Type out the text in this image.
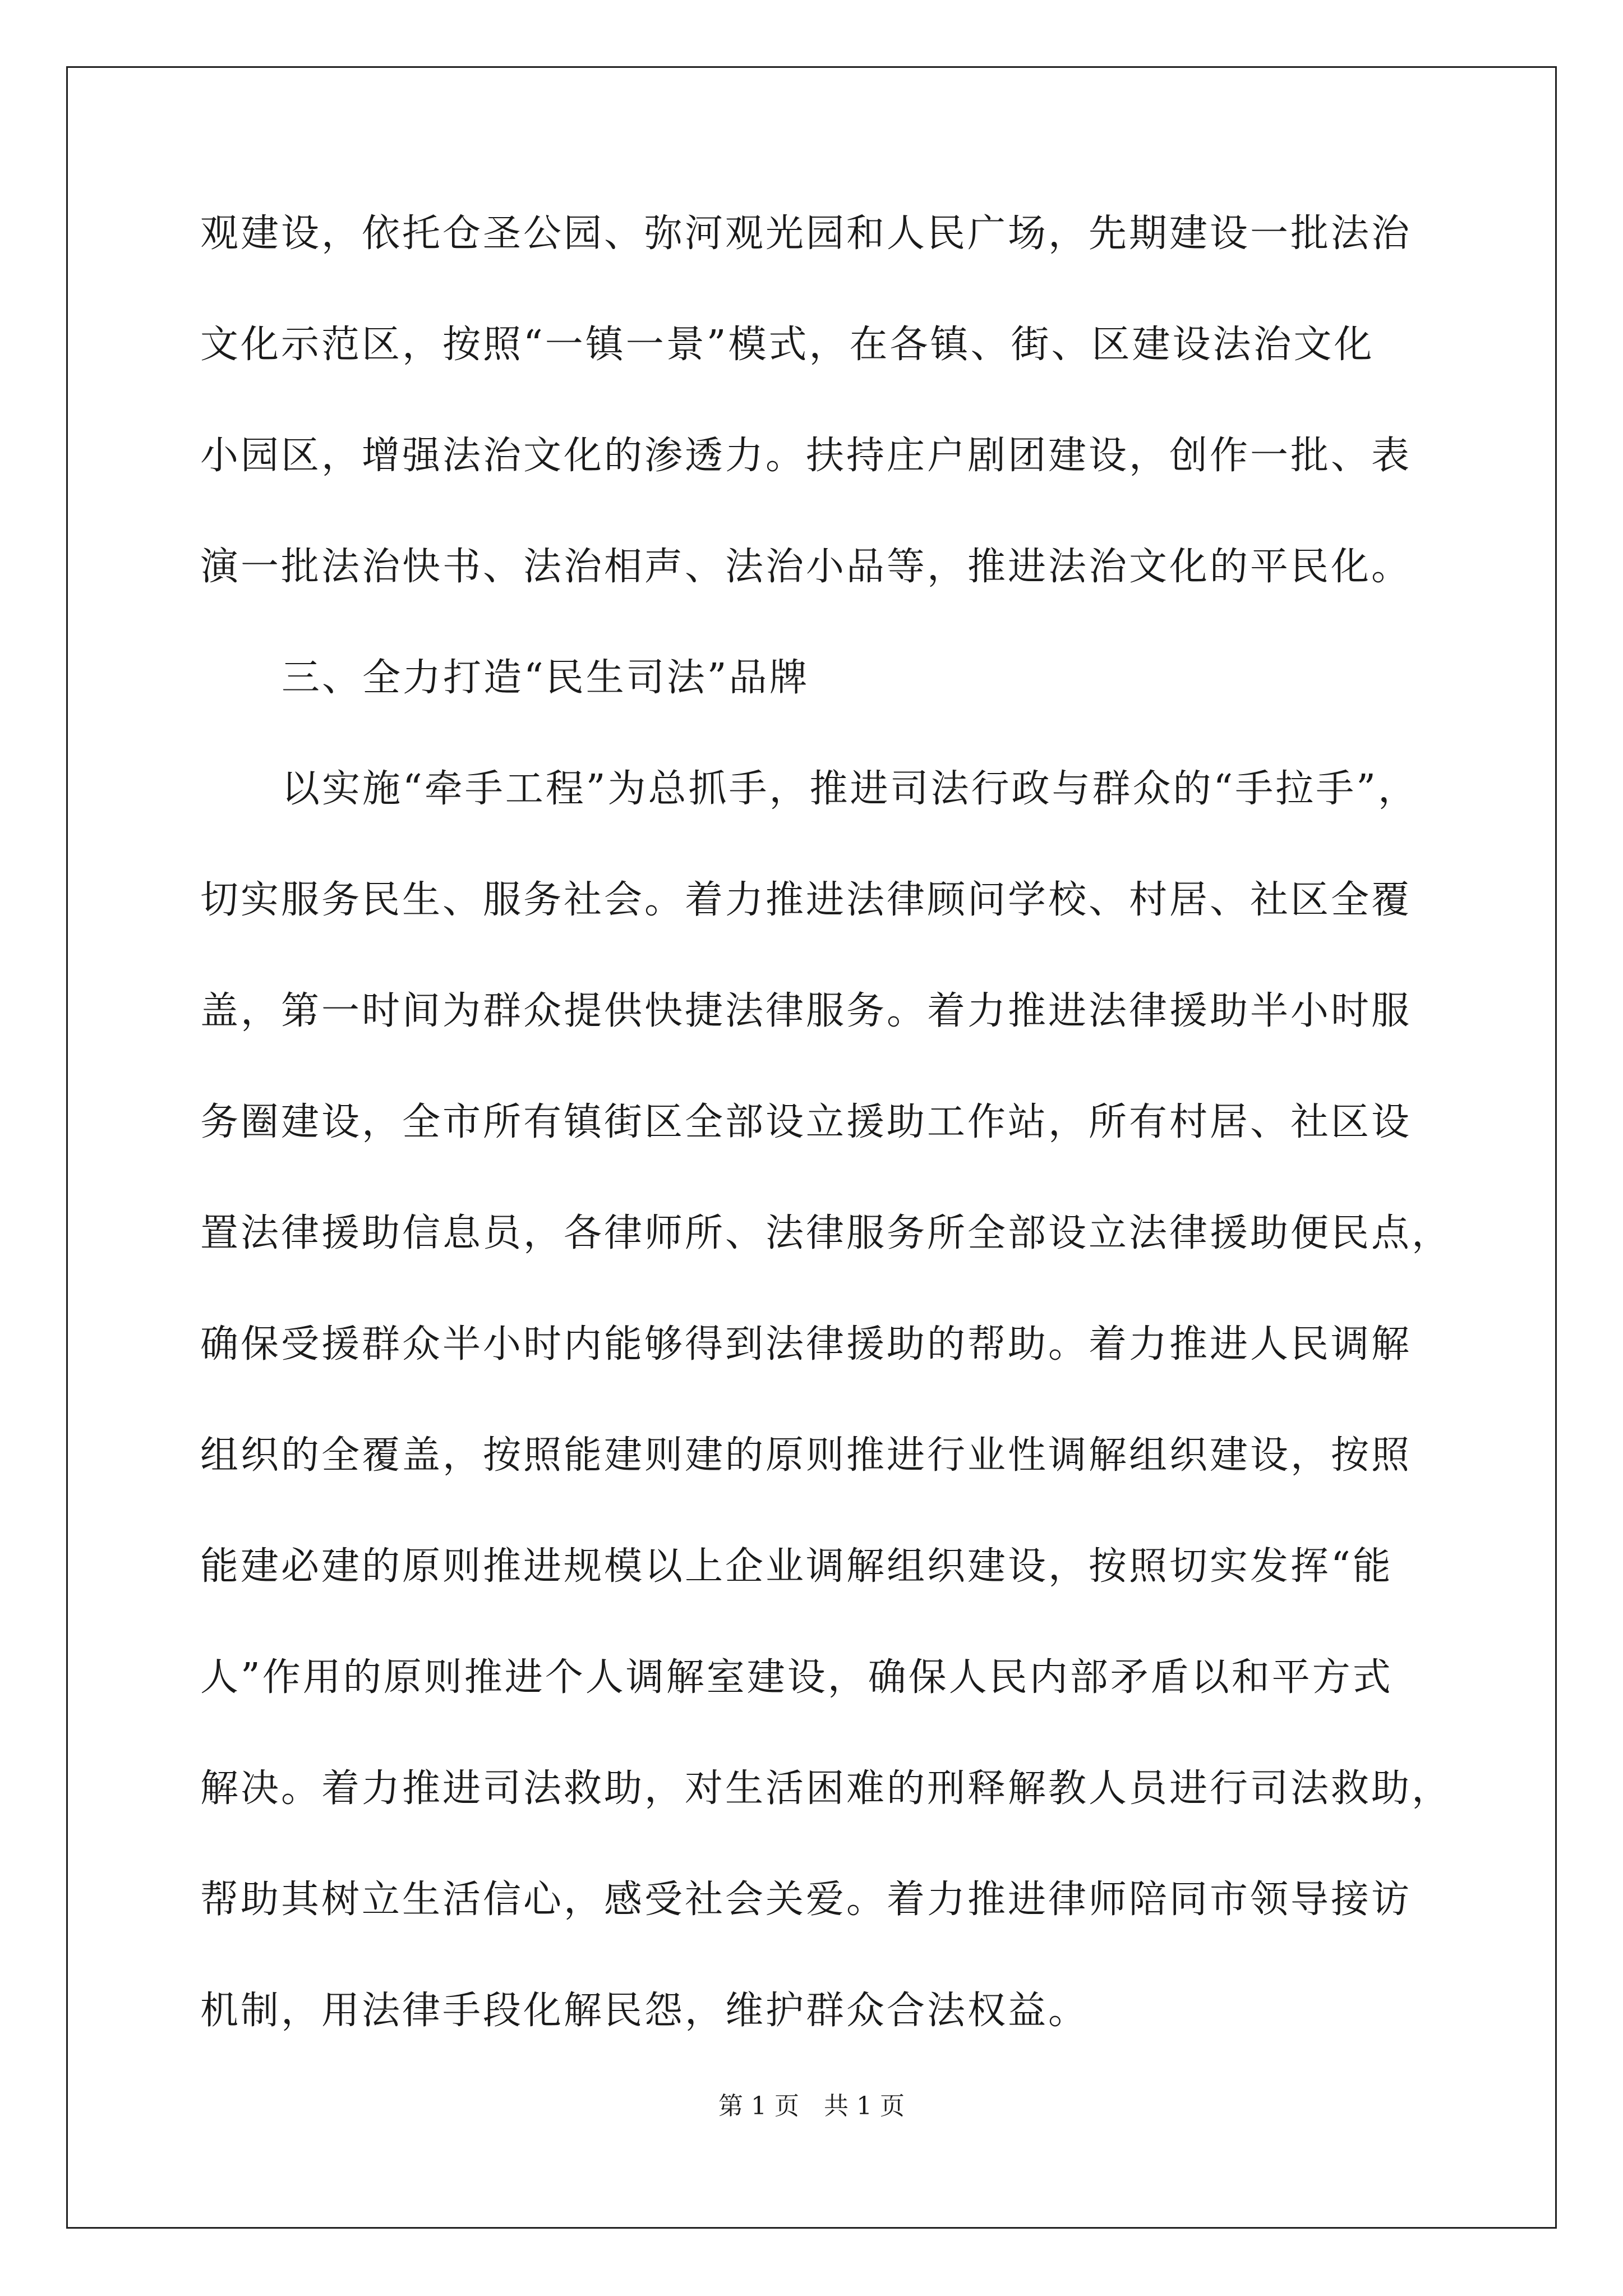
观建设，依托仓圣公园、弥河观光园和人民广场，先期建设一批法治
文化示范区，按照“一镇一景”模式，在各镇、街、区建设法治文化
小园区，增强法治文化的渗透力。扶持庄户剧团建设，创作一批、表
演一批法治快书、法治相声、法治小品等，推进法治文化的平民化。
三、全力打造“民生司法”品牌
以实施“牵手工程”为总抓手，推进司法行政与群众的“手拉手”，
切实服务民生、服务社会。着力推进法律顾问学校、村居、社区全覆
盖，第一时间为群众提供快捷法律服务。着力推进法律援助半小时服
务圈建设，全市所有镇街区全部设立援助工作站，所有村居、社区设
置法律援助信息员，各律师所、法律服务所全部设立法律援助便民点，
确保受援群众半小时内能够得到法律援助的帮助。着力推进人民调解
组织的全覆盖，按照能建则建的原则推进行业性调解组织建设，按照
能建必建的原则推进规模以上企业调解组织建设，按照切实发挥“能
人”作用的原则推进个人调解室建设，确保人民内部矛盾以和平方式
解决。着力推进司法救助，对生活困难的刑释解教人员进行司法救助，
帮助其树立生活信心，感受社会关爱。着力推进律师陪同市领导接访
机制，用法律手段化解民怨，维护群众合法权益。
第 1 页　共 1 页
